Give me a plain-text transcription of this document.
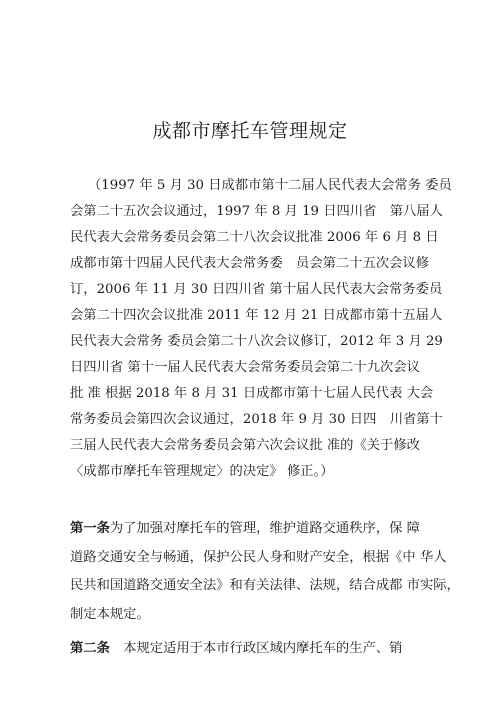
成都市摩托车管理规定
（1997 年 5 月 30 日成都市第十二届人民代表大会常务 委员
会第二十五次会议通过，1997 年 8 月 19 日四川省　第八届人
民代表大会常务委员会第二十八次会议批准 2006 年 6 月 8 日
成都市第十四届人民代表大会常务委　员会第二十五次会议修
订，2006 年 11 月 30 日四川省 第十届人民代表大会常务委员
会第二十四次会议批准 2011 年 12 月 21 日成都市第十五届人
民代表大会常务 委员会第二十八次会议修订，2012 年 3 月 29
日四川省 第十一届人民代表大会常务委员会第二十九次会议
批 准 根据 2018 年 8 月 31 日成都市第十七届人民代表 大会
常务委员会第四次会议通过，2018 年 9 月 30 日四　川省第十
三届人民代表大会常务委员会第六次会议批 准的《关于修改
〈成都市摩托车管理规定〉的决定》 修正。）
第一条为了加强对摩托车的管理，维护道路交通秩序，保 障
道路交通安全与畅通，保护公民人身和财产安全，根据《中 华人
民共和国道路交通安全法》和有关法律、法规，结合成都 市实际，
制定本规定。
第二条　 本规定适用于本市行政区域内摩托车的生产、销
